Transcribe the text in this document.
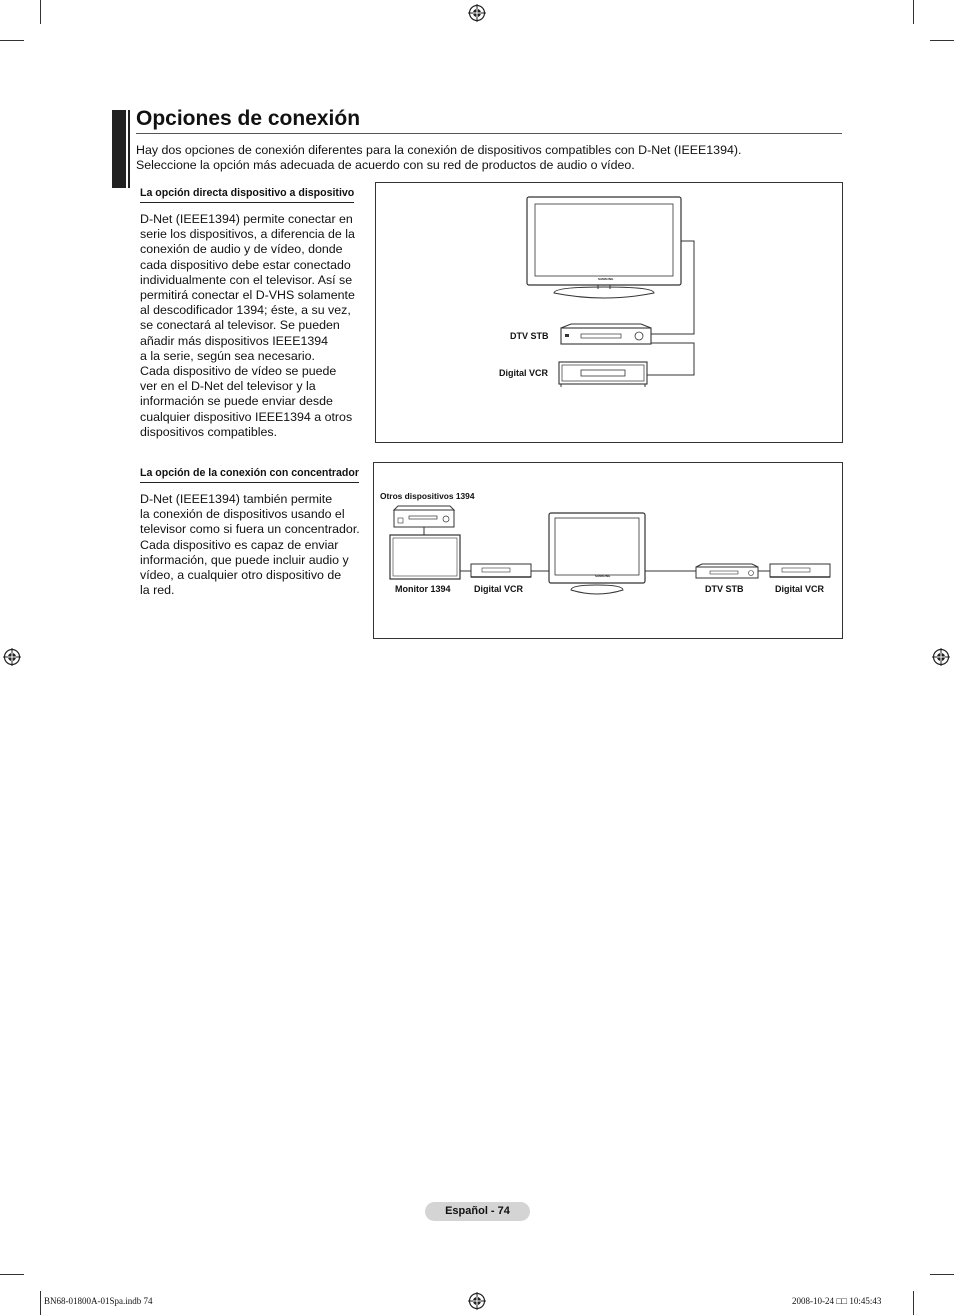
Opciones de conexión
Hay dos opciones de conexión diferentes para la conexión de dispositivos compatibles con D-Net (IEEE1394).
Seleccione la opción más adecuada de acuerdo con su red de productos de audio o vídeo.
La opción directa dispositivo a dispositivo
D-Net (IEEE1394) permite conectar en
serie los dispositivos, a diferencia de la
conexión de audio y de vídeo, donde
cada dispositivo debe estar conectado
individualmente con el televisor. Así se
permitirá conectar el D-VHS solamente
al descodificador 1394; éste, a su vez,
se conectará al televisor. Se pueden
añadir más dispositivos IEEE1394
a la serie, según sea necesario.
Cada dispositivo de vídeo se puede
ver en el D-Net del televisor y la
información se puede enviar desde
cualquier dispositivo IEEE1394 a otros
dispositivos compatibles.
SAMSUNG
DTV STB
Digital VCR
La opción de la conexión con concentrador
D-Net (IEEE1394) también permite
la conexión de dispositivos usando el
televisor como si fuera un concentrador.
Cada dispositivo es capaz de enviar
información, que puede incluir audio y
vídeo, a cualquier otro dispositivo de
la red.
Otros dispositivos 1394
SAMSUNG
Monitor 1394	Digital VCR	DTV STB	Digital VCR
Español - 74
BN68-01800A-01Spa.indb 74	2008-10-24 □□ 10:45:43
